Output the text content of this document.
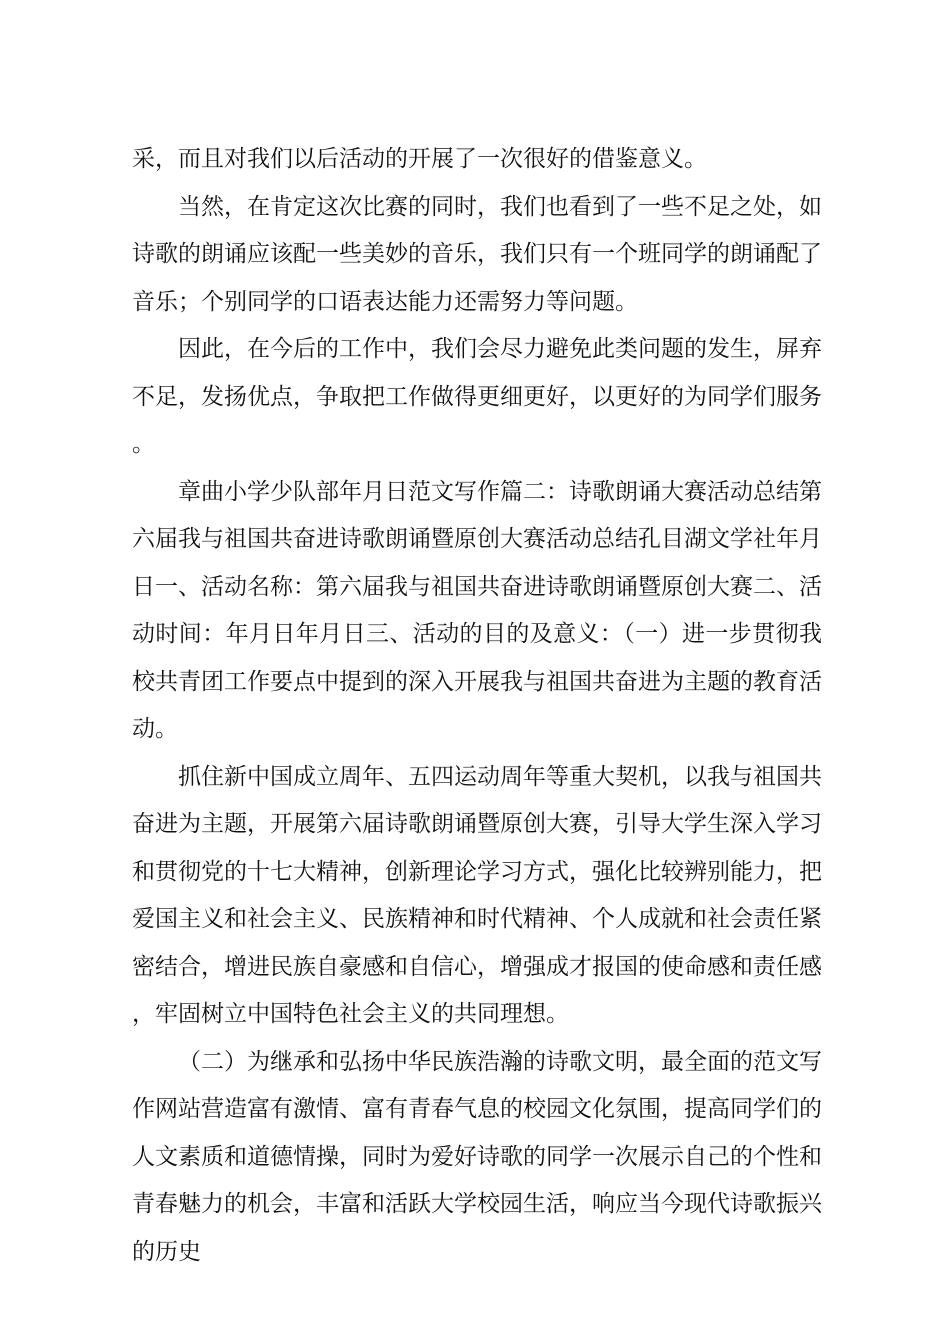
采，而且对我们以后活动的开展了一次很好的借鉴意义。

当然，在肯定这次比赛的同时，我们也看到了一些不足之处，如诗歌的朗诵应该配一些美妙的音乐，我们只有一个班同学的朗诵配了音乐；个别同学的口语表达能力还需努力等问题。

因此，在今后的工作中，我们会尽力避免此类问题的发生，屏弃不足，发扬优点，争取把工作做得更细更好，以更好的为同学们服务。

章曲小学少队部年月日范文写作篇二：诗歌朗诵大赛活动总结第六届我与祖国共奋进诗歌朗诵暨原创大赛活动总结孔目湖文学社年月日一、活动名称：第六届我与祖国共奋进诗歌朗诵暨原创大赛二、活动时间：年月日年月日三、活动的目的及意义：（一）进一步贯彻我校共青团工作要点中提到的深入开展我与祖国共奋进为主题的教育活动。

抓住新中国成立周年、五四运动周年等重大契机，以我与祖国共奋进为主题，开展第六届诗歌朗诵暨原创大赛，引导大学生深入学习和贯彻党的十七大精神，创新理论学习方式，强化比较辨别能力，把爱国主义和社会主义、民族精神和时代精神、个人成就和社会责任紧密结合，增进民族自豪感和自信心，增强成才报国的使命感和责任感，牢固树立中国特色社会主义的共同理想。

（二）为继承和弘扬中华民族浩瀚的诗歌文明，最全面的范文写作网站营造富有激情、富有青春气息的校园文化氛围，提高同学们的人文素质和道德情操，同时为爱好诗歌的同学一次展示自己的个性和青春魅力的机会，丰富和活跃大学校园生活，响应当今现代诗歌振兴的历史
